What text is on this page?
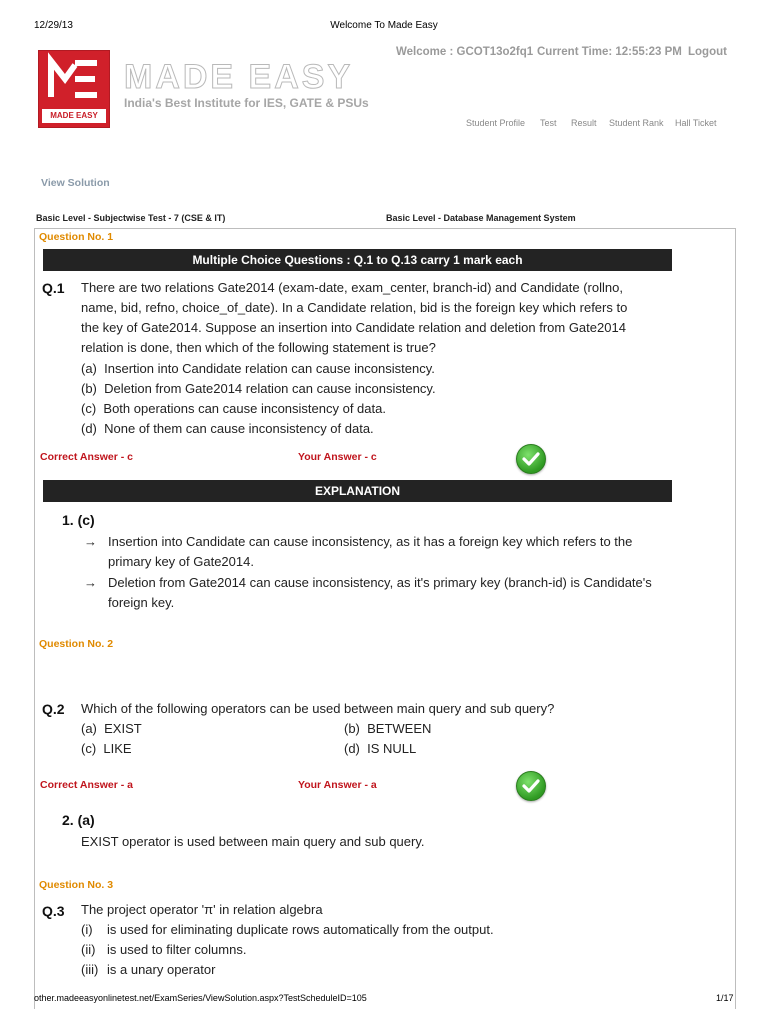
12/29/13	Welcome To Made Easy
MADE EASY
MADE EASY
India's Best Institute for IES, GATE & PSUs
Welcome : GCOT13o2fq1 Current Time: 12:55:23 PM Logout
Student Profile Test Result Student Rank Hall Ticket
View Solution
Basic Level - Subjectwise Test - 7 (CSE & IT)	Basic Level - Database Management System
Question No. 1
Multiple Choice Questions : Q.1 to Q.13 carry 1 mark each
Q.1 There are two relations Gate2014 (exam-date, exam_center, branch-id) and Candidate (rollno,
name, bid, refno, choice_of_date). In a Candidate relation, bid is the foreign key which refers to
the key of Gate2014. Suppose an insertion into Candidate relation and deletion from Gate2014
relation is done, then which of the following statement is true?
(a) Insertion into Candidate relation can cause inconsistency.
(b) Deletion from Gate2014 relation can cause inconsistency.
(c) Both operations can cause inconsistency of data.
(d) None of them can cause inconsistency of data.
Correct Answer - c	Your Answer - c
EXPLANATION
1. (c)
→ Insertion into Candidate can cause inconsistency, as it has a foreign key which refers to the
primary key of Gate2014.
→ Deletion from Gate2014 can cause inconsistency, as it's primary key (branch-id) is Candidate's
foreign key.
Question No. 2
Q.2 Which of the following operators can be used between main query and sub query?
(a) EXIST	(b) BETWEEN
(c) LIKE	(d) IS NULL
Correct Answer - a	Your Answer - a
2. (a)
EXIST operator is used between main query and sub query.
Question No. 3
Q.3 The project operator 'π' in relation algebra
(i) is used for eliminating duplicate rows automatically from the output.
(ii) is used to filter columns.
(iii) is a unary operator
other.madeeasyonlinetest.net/ExamSeries/ViewSolution.aspx?TestScheduleID=105	1/17
